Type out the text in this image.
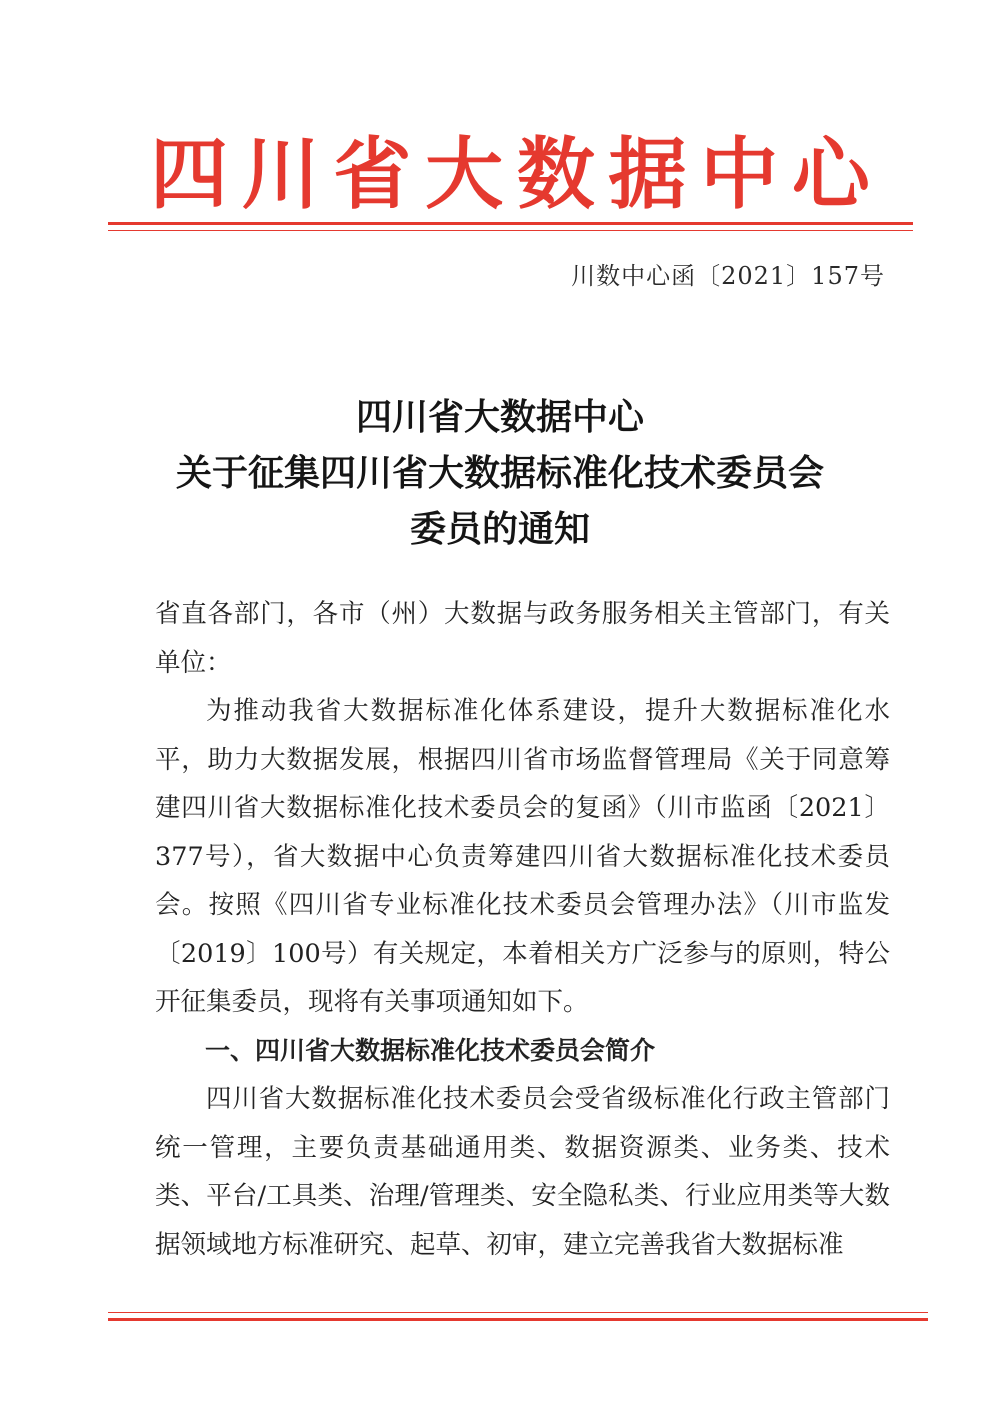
四 川 省 大 数 据 中 心
川数中心函〔2021〕157号
四川省大数据中心
关于征集四川省大数据标准化技术委员会
委员的通知

省直各部门，各市（州）大数据与政务服务相关主管部门，有关单位：

为推动我省大数据标准化体系建设，提升大数据标准化水平，助力大数据发展，根据四川省市场监督管理局《关于同意筹建四川省大数据标准化技术委员会的复函》（川市监函〔2021〕377号），省大数据中心负责筹建四川省大数据标准化技术委员会。按照《四川省专业标准化技术委员会管理办法》（川市监发〔2019〕100号）有关规定，本着相关方广泛参与的原则，特公开征集委员，现将有关事项通知如下。

一、四川省大数据标准化技术委员会简介

四川省大数据标准化技术委员会受省级标准化行政主管部门统一管理，主要负责基础通用类、数据资源类、业务类、技术类、平台/工具类、治理/管理类、安全隐私类、行业应用类等大数据领域地方标准研究、起草、初审，建立完善我省大数据标准
